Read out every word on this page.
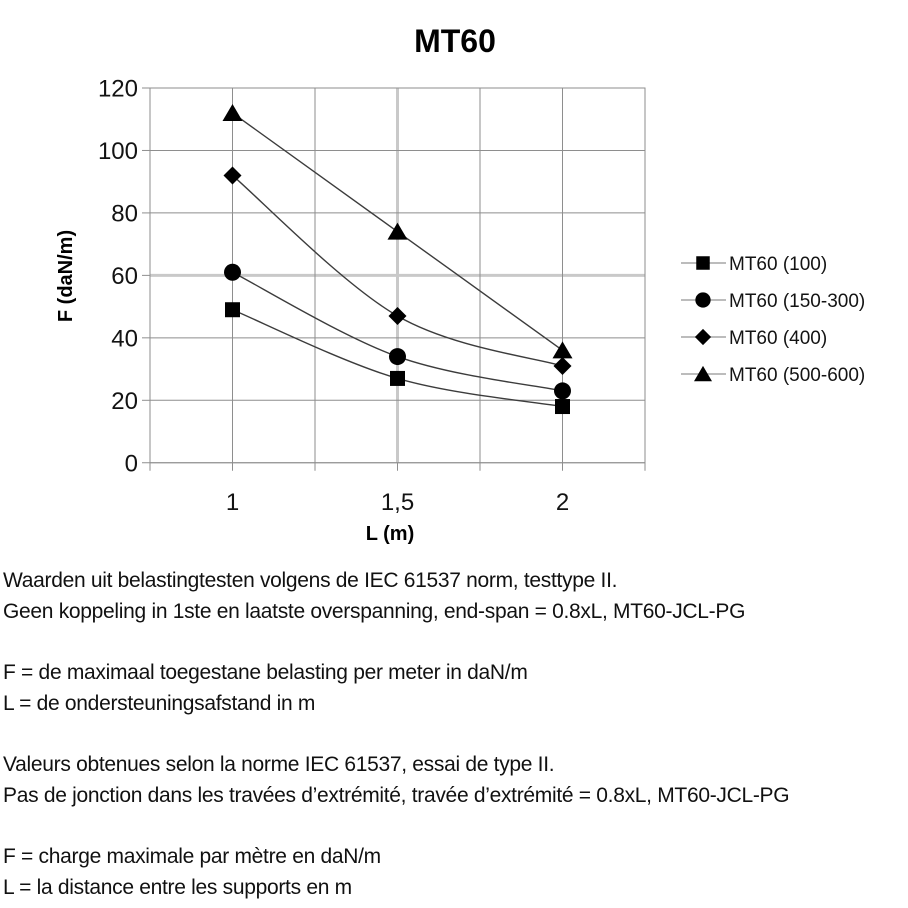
MT60
0
20
40
60
80
100
120
1	1,5	2
MT60 (100)
MT60 (150-300)
MT60 (400)
MT60 (500-600)
F (daN/m)
L (m)

Waarden uit belastingtesten volgens de IEC 61537 norm, testtype II.
Geen koppeling in 1ste en laatste overspanning, end-span = 0.8xL, MT60-JCL-PG

F = de maximaal toegestane belasting per meter in daN/m
L = de ondersteuningsafstand in m

Valeurs obtenues selon la norme IEC 61537, essai de type II.
Pas de jonction dans les travées d’extrémité, travée d’extrémité = 0.8xL, MT60-JCL-PG

F = charge maximale par mètre en daN/m
L = la distance entre les supports en m
